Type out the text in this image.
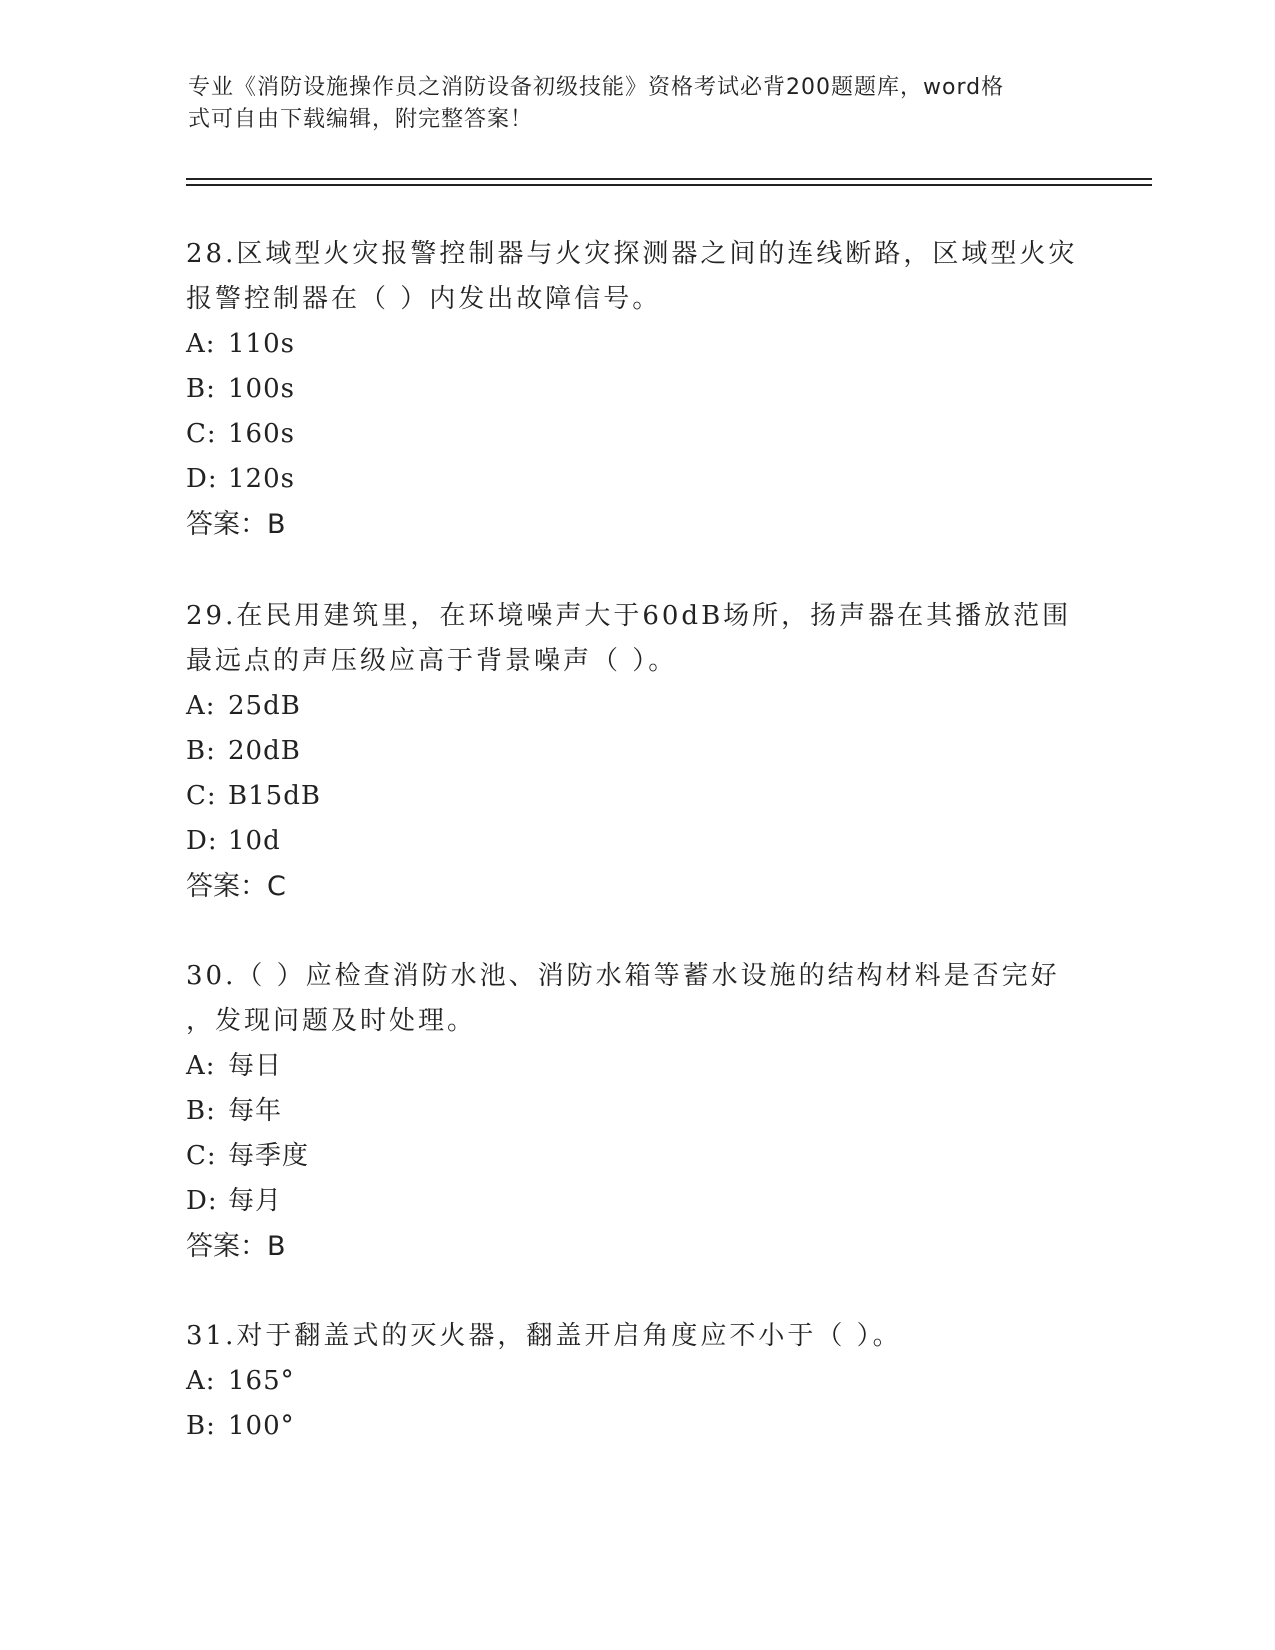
专业《消防设施操作员之消防设备初级技能》资格考试必背200题题库，word格
式可自由下载编辑，附完整答案！
28.区域型火灾报警控制器与火灾探测器之间的连线断路，区域型火灾
报警控制器在（ ）内发出故障信号。
A: 110s
B: 100s
C: 160s
D: 120s
答案：B
29.在民用建筑里，在环境噪声大于60dB场所，扬声器在其播放范围
最远点的声压级应高于背景噪声（ ）。
A: 25dB
B: 20dB
C: B15dB
D: 10d
答案：C
30.（ ）应检查消防水池、消防水箱等蓄水设施的结构材料是否完好
，发现问题及时处理。
A: 每日
B: 每年
C: 每季度
D: 每月
答案：B
31.对于翻盖式的灭火器，翻盖开启角度应不小于（ ）。
A: 165°
B: 100°
